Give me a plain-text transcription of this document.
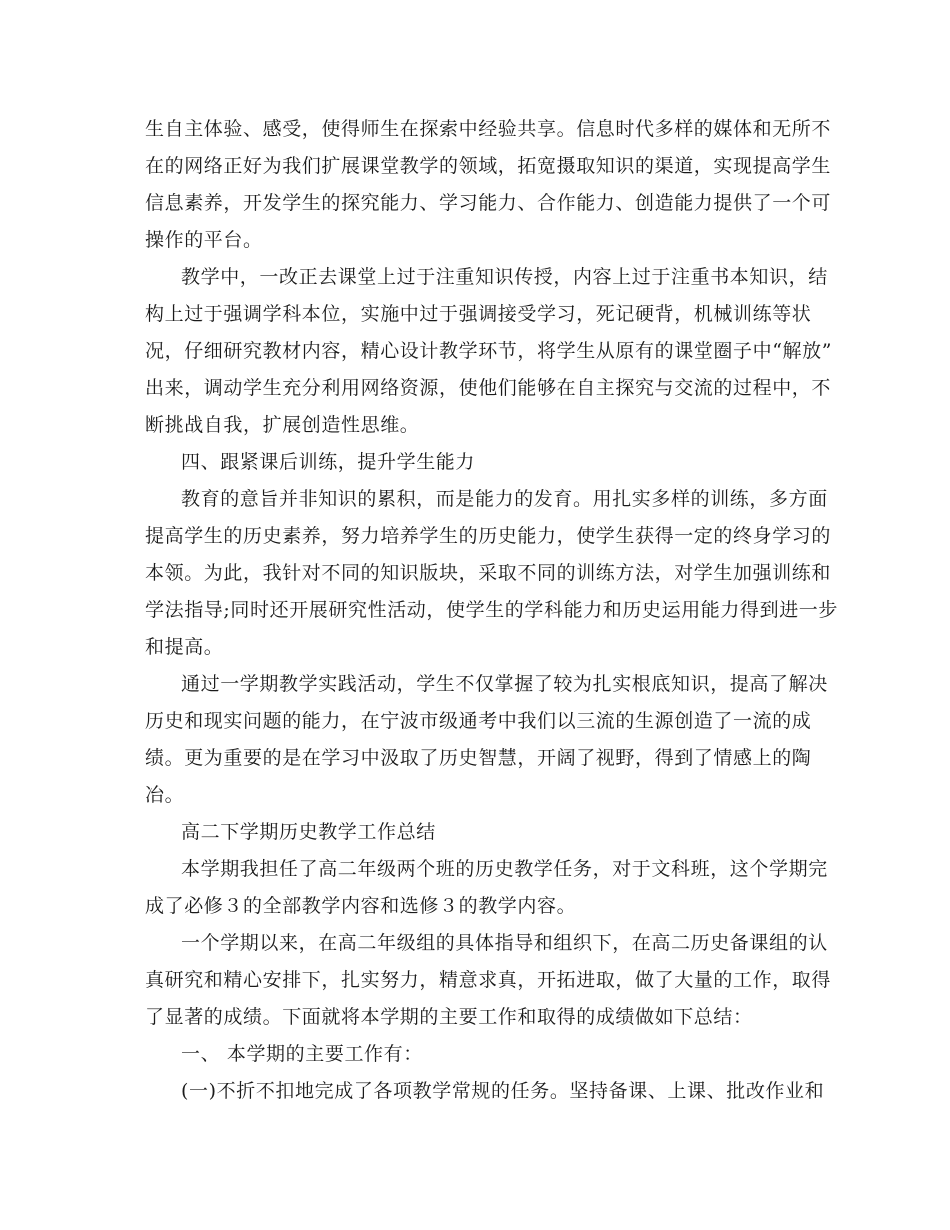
生自主体验、感受，使得师生在探索中经验共享。信息时代多样的媒体和无所不
在的网络正好为我们扩展课堂教学的领域，拓宽摄取知识的渠道，实现提高学生
信息素养，开发学生的探究能力、学习能力、合作能力、创造能力提供了一个可
操作的平台。
教学中，一改正去课堂上过于注重知识传授，内容上过于注重书本知识，结
构上过于强调学科本位，实施中过于强调接受学习，死记硬背，机械训练等状
况，仔细研究教材内容，精心设计教学环节，将学生从原有的课堂圈子中“解放”
出来，调动学生充分利用网络资源，使他们能够在自主探究与交流的过程中，不
断挑战自我，扩展创造性思维。
四、跟紧课后训练，提升学生能力
教育的意旨并非知识的累积，而是能力的发育。用扎实多样的训练，多方面
提高学生的历史素养，努力培养学生的历史能力，使学生获得一定的终身学习的
本领。为此，我针对不同的知识版块，采取不同的训练方法，对学生加强训练和
学法指导;同时还开展研究性活动，使学生的学科能力和历史运用能力得到进一步
和提高。
通过一学期教学实践活动，学生不仅掌握了较为扎实根底知识，提高了解决
历史和现实问题的能力，在宁波市级通考中我们以三流的生源创造了一流的成
绩。更为重要的是在学习中汲取了历史智慧，开阔了视野，得到了情感上的陶
冶。
高二下学期历史教学工作总结
本学期我担任了高二年级两个班的历史教学任务，对于文科班，这个学期完
成了必修３的全部教学内容和选修３的教学内容。
一个学期以来，在高二年级组的具体指导和组织下，在高二历史备课组的认
真研究和精心安排下，扎实努力，精意求真，开拓进取，做了大量的工作，取得
了显著的成绩。下面就将本学期的主要工作和取得的成绩做如下总结：
一、 本学期的主要工作有：
(一)不折不扣地完成了各项教学常规的任务。坚持备课、上课、批改作业和
